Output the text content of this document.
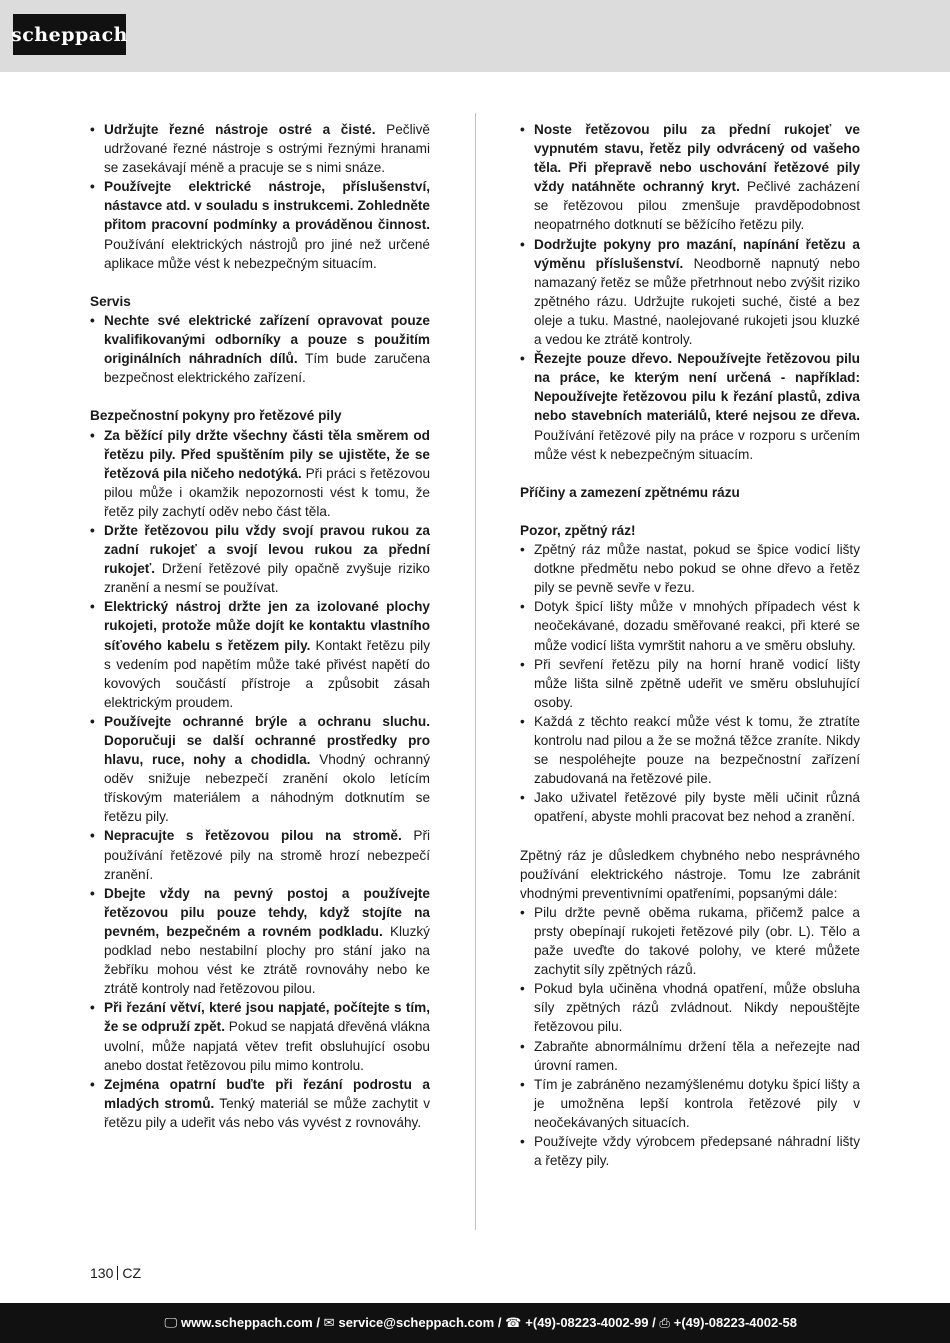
scheppach
• Udržujte řezné nástroje ostré a čisté. Pečlivě udržované řezné nástroje s ostrými řeznými hranami se zasekávají méně a pracuje se s nimi snáze.
• Používejte elektrické nástroje, příslušenství, nástavce atd. v souladu s instrukcemi. Zohledněte přitom pracovní podmínky a prováděnou činnost. Používání elektrických nástrojů pro jiné než určené aplikace může vést k nebezpečným situacím.

Servis

• Nechte své elektrické zařízení opravovat pouze kvalifikovanými odborníky a pouze s použitím originálních náhradních dílů. Tím bude zaručena bezpečnost elektrického zařízení.

Bezpečnostní pokyny pro řetězové pily

• Za běžící pily držte všechny části těla směrem od řetězu pily. Před spuštěním pily se ujistěte, že se řetězová pila ničeho nedotýká. Při práci s řetězovou pilou může i okamžik nepozornosti vést k tomu, že řetěz pily zachytí oděv nebo část těla.
• Držte řetězovou pilu vždy svojí pravou rukou za zadní rukojeť a svojí levou rukou za přední rukojeť. Držení řetězové pily opačně zvyšuje riziko zranění a nesmí se používat.
• Elektrický nástroj držte jen za izolované plochy rukojeti, protože může dojít ke kontaktu vlastního síťového kabelu s řetězem pily. Kontakt řetězu pily s vedením pod napětím může také přivést napětí do kovových součástí přístroje a způsobit zásah elektrickým proudem.
• Používejte ochranné brýle a ochranu sluchu. Doporučuji se další ochranné prostředky pro hlavu, ruce, nohy a chodidla. Vhodný ochranný oděv snižuje nebezpečí zranění okolo letícím třískovým materiálem a náhodným dotknutím se řetězu pily.
• Nepracujte s řetězovou pilou na stromě. Při používání řetězové pily na stromě hrozí nebezpečí zranění.
• Dbejte vždy na pevný postoj a používejte řetězovou pilu pouze tehdy, když stojíte na pevném, bezpečném a rovném podkladu. Kluzký podklad nebo nestabilní plochy pro stání jako na žebříku mohou vést ke ztrátě rovnováhy nebo ke ztrátě kontroly nad řetězovou pilou.
• Při řezání větví, které jsou napjaté, počítejte s tím, že se odpruží zpět. Pokud se napjatá dřevěná vlákna uvolní, může napjatá větev trefit obsluhující osobu anebo dostat řetězovou pilu mimo kontrolu.
• Zejména opatrní buďte při řezání podrostu a mladých stromů. Tenký materiál se může zachytit v řetězu pily a udeřit vás nebo vás vyvést z rovnováhy.
• Noste řetězovou pilu za přední rukojeť ve vypnutém stavu, řetěz pily odvrácený od vašeho těla. Při přepravě nebo uschování řetězové pily vždy natáhněte ochranný kryt. Pečlivé zacházení se řetězovou pilou zmenšuje pravděpodobnost neopatrného dotknutí se běžícího řetězu pily.
• Dodržujte pokyny pro mazání, napínání řetězu a výměnu příslušenství. Neodborně napnutý nebo namazaný řetěz se může přetrhnout nebo zvýšit riziko zpětného rázu. Udržujte rukojeti suché, čisté a bez oleje a tuku. Mastné, naolejované rukojeti jsou kluzké a vedou ke ztrátě kontroly.
• Řezejte pouze dřevo. Nepoužívejte řetězovou pilu na práce, ke kterým není určená - například: Nepoužívejte řetězovou pilu k řezání plastů, zdiva nebo stavebních materiálů, které nejsou ze dřeva. Používání řetězové pily na práce v rozporu s určením může vést k nebezpečným situacím.

Příčiny a zamezení zpětnému rázu

Pozor, zpětný ráz!

• Zpětný ráz může nastat, pokud se špice vodicí lišty dotkne předmětu nebo pokud se ohne dřevo a řetěz pily se pevně sevře v řezu.
• Dotyk špicí lišty může v mnohých případech vést k neočekávané, dozadu směřované reakci, při které se může vodicí lišta vymrštit nahoru a ve směru obsluhy.
• Při sevření řetězu pily na horní hraně vodicí lišty může lišta silně zpětně udeřit ve směru obsluhující osoby.
• Každá z těchto reakcí může vést k tomu, že ztratíte kontrolu nad pilou a že se možná těžce zraníte. Nikdy se nespoléhejte pouze na bezpečnostní zařízení zabudovaná na řetězové pile.
• Jako uživatel řetězové pily byste měli učinit různá opatření, abyste mohli pracovat bez nehod a zranění.

Zpětný ráz je důsledkem chybného nebo nesprávného používání elektrického nástroje. Tomu lze zabránit vhodnými preventivními opatřeními, popsanými dále:

• Pilu držte pevně oběma rukama, přičemž palce a prsty obepínají rukojeti řetězové pily (obr. L). Tělo a paže uveďte do takové polohy, ve které můžete zachytit síly zpětných rázů.
• Pokud byla učiněna vhodná opatření, může obsluha síly zpětných rázů zvládnout. Nikdy nepouštějte řetězovou pilu.
• Zabraňte abnormálnímu držení těla a neřezejte nad úrovní ramen.
• Tím je zabráněno nezamýšlenému dotyku špicí lišty a je umožněna lepší kontrola řetězové pily v neočekávaných situacích.
• Používejte vždy výrobcem předepsané náhradní lišty a řetězy pily.
130 CZ
🖵 www.scheppach.com /
✉ service@scheppach.com /
☎ +(49)-08223-4002-99 /
⎙ +(49)-08223-4002-58
